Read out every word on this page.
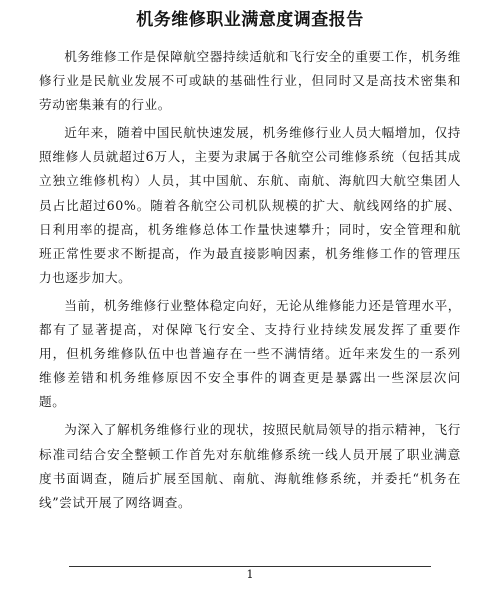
机务维修职业满意度调查报告

机务维修工作是保障航空器持续适航和飞行安全的重要工作，机务维修行业是民航业发展不可或缺的基础性行业，但同时又是高技术密集和劳动密集兼有的行业。

近年来，随着中国民航快速发展，机务维修行业人员大幅增加，仅持照维修人员就超过6万人，主要为隶属于各航空公司维修系统（包括其成立独立维修机构）人员，其中国航、东航、南航、海航四大航空集团人员占比超过60%。随着各航空公司机队规模的扩大、航线网络的扩展、日利用率的提高，机务维修总体工作量快速攀升；同时，安全管理和航班正常性要求不断提高，作为最直接影响因素，机务维修工作的管理压力也逐步加大。

当前，机务维修行业整体稳定向好，无论从维修能力还是管理水平，都有了显著提高，对保障飞行安全、支持行业持续发展发挥了重要作用，但机务维修队伍中也普遍存在一些不满情绪。近年来发生的一系列维修差错和机务维修原因不安全事件的调查更是暴露出一些深层次问题。

为深入了解机务维修行业的现状，按照民航局领导的指示精神，飞行标准司结合安全整顿工作首先对东航维修系统一线人员开展了职业满意度书面调查，随后扩展至国航、南航、海航维修系统，并委托“机务在线”尝试开展了网络调查。

1
